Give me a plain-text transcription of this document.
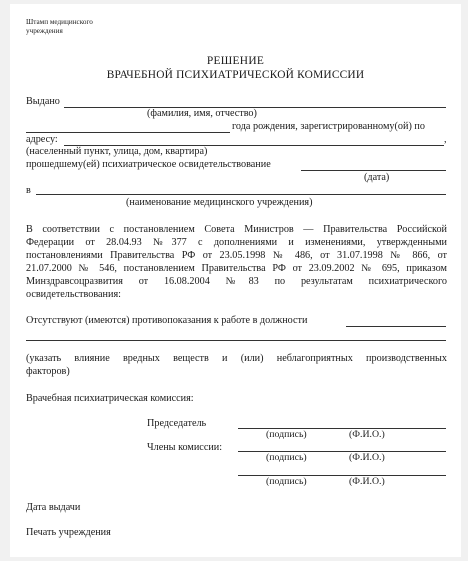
Штамп медицинского
учреждения
РЕШЕНИЕ
ВРАЧЕБНОЙ ПСИХИАТРИЧЕСКОЙ КОМИССИИ
Выдано
(фамилия, имя, отчество)
года рождения, зарегистрированному(ой) по
адресу:	,
(населенный пункт, улица, дом, квартира)
прошедшему(ей) психиатрическое освидетельствование
(дата)
в
(наименование медицинского учреждения)
В соответствии с постановлением Совета Министров — Правительства Российской
Федерации от 28.04.93 №377 с дополнениями и изменениями, утвержденными
постановлениями Правительства РФ от 23.05.1998 № 486, от 31.07.1998 № 866, от
21.07.2000 № 546, постановлением Правительства РФ от 23.09.2002 № 695, приказом
Минздравсоцразвития от 16.08.2004 №83 по результатам психиатрического
освидетельствования:
Отсутствуют (имеются) противопоказания к работе в должности
(указать влияние вредных веществ и (или) неблагоприятных производственных
факторов)
Врачебная психиатрическая комиссия:
Председатель
(подпись)	(Ф.И.О.)
Члены комиссии:
(подпись)	(Ф.И.О.)
(подпись)	(Ф.И.О.)
Дата выдачи
Печать учреждения
